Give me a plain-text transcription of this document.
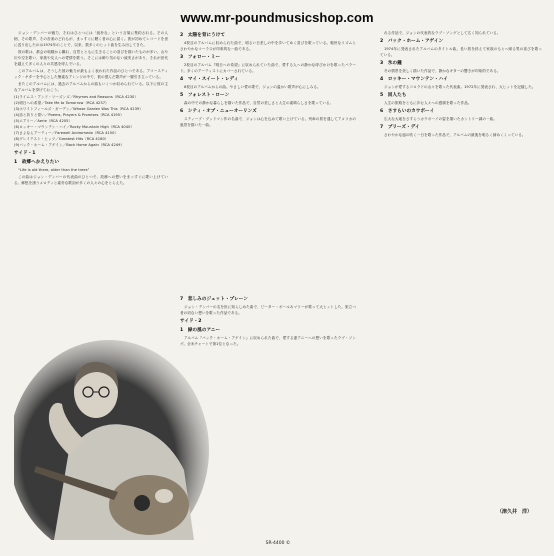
www.mr-poundmusicshop.com

ジョン・デンバーの魅力、それはひとつには「純朴な」という言葉に集約される。その人柄、その歌声、その音楽のどれもが、まっすぐに聴く者の心に届く。彼が初めてレコードを世に送り出したのは1974年のことで、以来、数多くのヒット曲を生み出してきた。

彼の歌は、都会の喧騒から離れ、自然とともに生きることの喜びを描いたものが多い。山や川や空を歌い、家族や友人への愛情を歌う。そこには飾り気のない誠実さがあり、それが世代を越えて多くの人々の共感を呼んでいる。

このアルバムは、そうした彼の魅力が最もよく表われた作品のひとつである。アコースティック・ギターを中心とした簡素なアレンジの中で、彼の澄んだ歌声が一層引き立っている。

またこのアルバムには、過去のアルバムからの曲もいくつか収められている。以下に彼の主なアルバムを挙げておこう。

(1)ライムス・アンド・リーズンズ／Rhymes and Reasons（RCA 4230）

(2)明日への希望／Take Me to Tomorrow（RCA 4237）

(3)ホワイトフィールズ・ガーデン／Whose Garden Was This（RCA 4239）

(4)詩と祈りと誓い／Poems, Prayers & Promises（RCA 4195）

(5)エアリー／Aerie（RCA 4205）

(6)ロッキー・マウンテン・ハイ／Rocky Mountain High（RCA 4040）

(7)さよならアーティー／Farewell Andromeda（RCA 4150）

(8)グレイテスト・ヒッツ／Greatest Hits（RCA 4180）

(9)バック・ホーム・アゲイン／Back Home Again（RCA 4249）

サイド・1
1　故郷へかえりたい

“Life is old there, older than the trees”

この曲はジョン・デンバーの代表曲のひとつで、故郷への想いをまっすぐに歌い上げている。郷愁を誘うメロディと素朴な歌詞が多くの人々の心をとらえた。

2　太陽を背にうけて

4枚目のアルバムに収められた曲で、明るい日差しの中を歩いてゆく喜びを歌っている。軽快なリズムとさわやかなコーラスが印象的な一曲である。

3　フォロー・ミー

2枚目のアルバム『明日への希望』に収められていた曲で、愛する人への静かな呼びかけを歌ったバラード。多くのアーティストにカバーされている。

4　マイ・スイート・レディ

6枚目のアルバムからの曲。やさしい愛の歌で、ジョンの温かい歌声が心にしみる。

5　フォレスト・ローン

森の中での静かな暮らしを描いた作品で、自然の美しさと人生の素晴らしさを歌っている。

6　シティ・オブ・ニューオーリンズ

スティーブ・グッドマン作の名曲で、ジョンは心を込めて歌い上げている。列車の旅を通してアメリカの風景を描いた一曲。

7　悲しみのジェット・プレーン

ジョン・デンバーの名を世に知らしめた曲で、ピーター・ポール＆マリーが歌って大ヒットした。旅立つ者の切ない想いを歌った作品である。

サイド・2
1　緑の風のアニー

アルバム『バック・ホーム・アゲイン』に収められた曲で、愛する妻アニーへの想いを歌ったラブ・ソング。全米チャートで第1位となった。

れる作品で、ジョンの代表的なラブ・ソングとして広く知られている。

2　バック・ホーム・アゲイン

1974年に発表されたアルバムのタイトル曲。長い旅を終えて家族のもとへ帰る男の喜びを歌っている。

3　氷の鐘

冬の情景を美しく描いた作品で、静かなギターの響きが印象的である。

4　ロッキー・マウンテン・ハイ

ジョンが愛するコロラドの山々を歌った代表曲。1972年に発表され、大ヒットを記録した。

5　回人たち

人生の旅路をともに歩む人々への感謝を歌った作品。

6　さすらいのカウボーイ

広大な大地をさすらうカウボーイの姿を描いたカントリー調の一曲。

7　ブリーズ・デイ

さわやかな風の吹く一日を歌った作品で、アルバムの最後を明るく締めくくっている。

（津久井　洋）
SR-4400 ©
